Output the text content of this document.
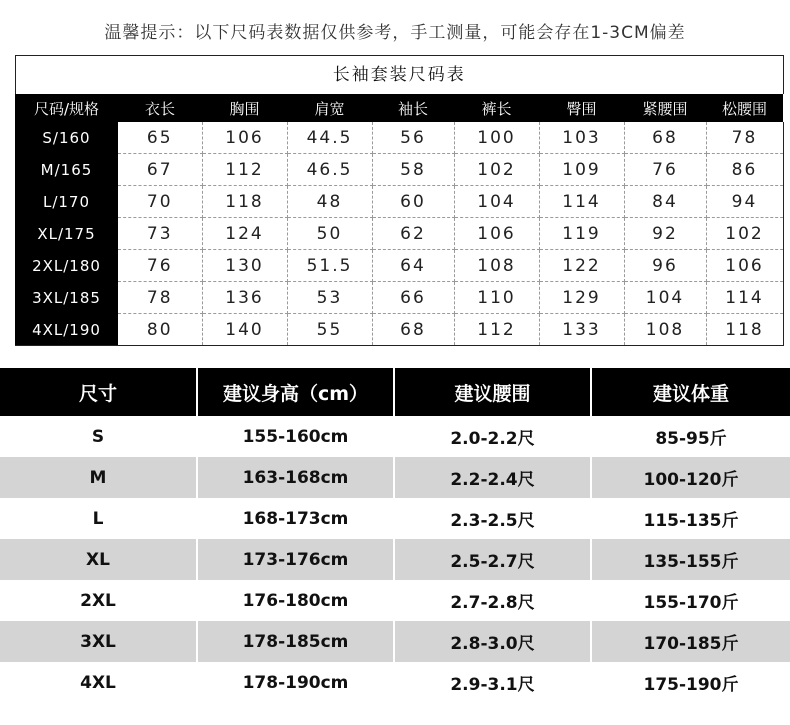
温馨提示：以下尺码表数据仅供参考，手工测量，可能会存在1-3CM偏差
长袖套装尺码表
尺码/规格	衣长	胸围	肩宽	袖长	裤长	臀围	紧腰围	松腰围
S/160	65	106	44.5	56	100	103	68	78
M/165	67	112	46.5	58	102	109	76	86
L/170	70	118	48	60	104	114	84	94
XL/175	73	124	50	62	106	119	92	102
2XL/180	76	130	51.5	64	108	122	96	106
3XL/185	78	136	53	66	110	129	104	114
4XL/190	80	140	55	68	112	133	108	118
尺寸	建议身高（cm）	建议腰围	建议体重
S	155-160cm	2.0-2.2尺	85-95斤
M	163-168cm	2.2-2.4尺	100-120斤
L	168-173cm	2.3-2.5尺	115-135斤
XL	173-176cm	2.5-2.7尺	135-155斤
2XL	176-180cm	2.7-2.8尺	155-170斤
3XL	178-185cm	2.8-3.0尺	170-185斤
4XL	178-190cm	2.9-3.1尺	175-190斤
